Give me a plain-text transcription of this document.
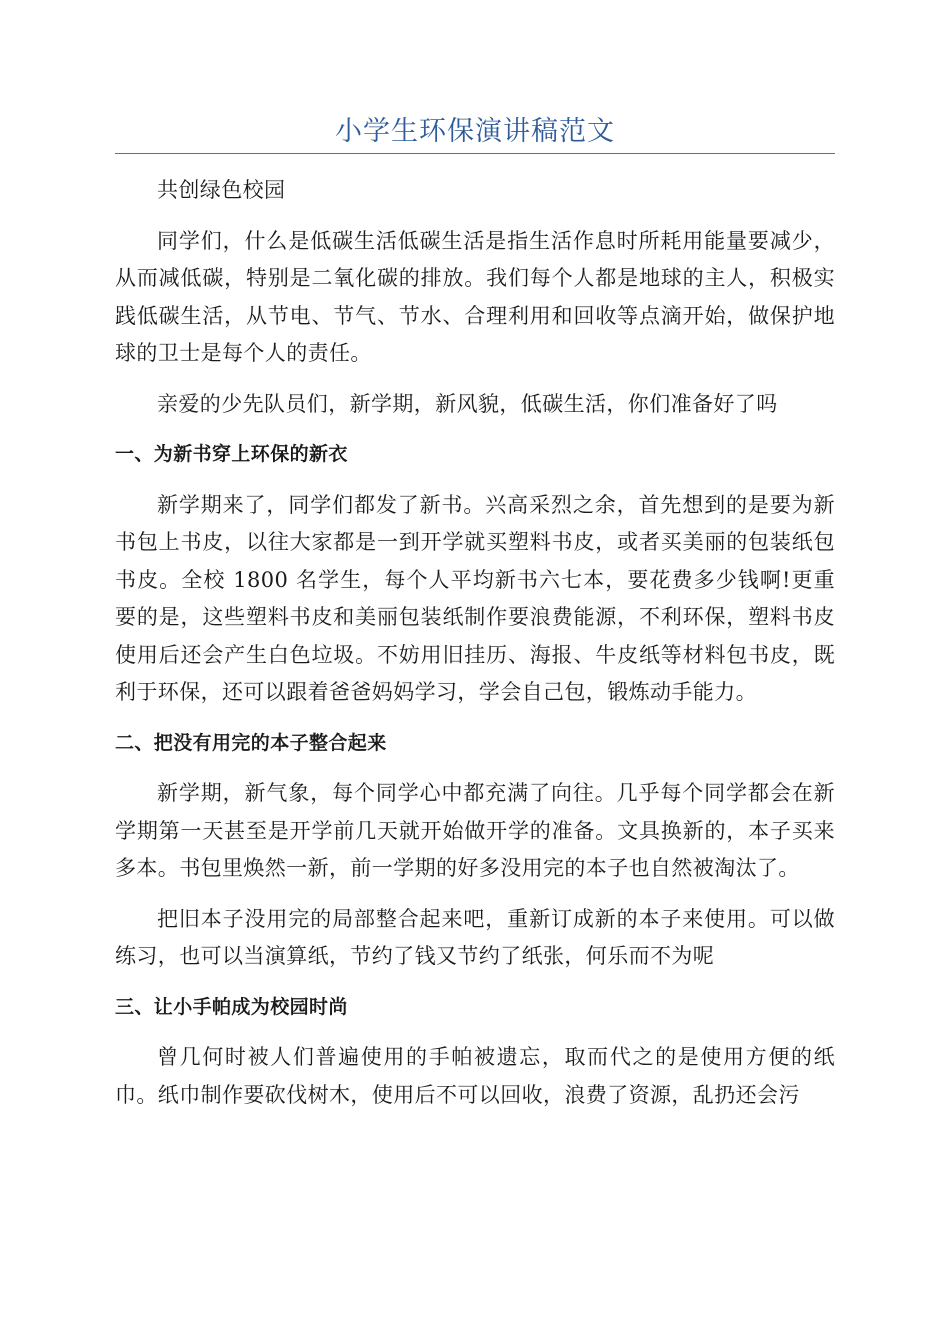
小学生环保演讲稿范文

共创绿色校园

同学们，什么是低碳生活低碳生活是指生活作息时所耗用能量要减少，从而减低碳，特别是二氧化碳的排放。我们每个人都是地球的主人，积极实践低碳生活，从节电、节气、节水、合理利用和回收等点滴开始，做保护地球的卫士是每个人的责任。

亲爱的少先队员们，新学期，新风貌，低碳生活，你们准备好了吗

一、为新书穿上环保的新衣

新学期来了，同学们都发了新书。兴高采烈之余，首先想到的是要为新书包上书皮，以往大家都是一到开学就买塑料书皮，或者买美丽的包装纸包书皮。全校 1800 名学生，每个人平均新书六七本，要花费多少钱啊!更重要的是，这些塑料书皮和美丽包装纸制作要浪费能源，不利环保，塑料书皮使用后还会产生白色垃圾。不妨用旧挂历、海报、牛皮纸等材料包书皮，既利于环保，还可以跟着爸爸妈妈学习，学会自己包，锻炼动手能力。

二、把没有用完的本子整合起来

新学期，新气象，每个同学心中都充满了向往。几乎每个同学都会在新学期第一天甚至是开学前几天就开始做开学的准备。文具换新的，本子买来多本。书包里焕然一新，前一学期的好多没用完的本子也自然被淘汰了。

把旧本子没用完的局部整合起来吧，重新订成新的本子来使用。可以做练习，也可以当演算纸，节约了钱又节约了纸张，何乐而不为呢

三、让小手帕成为校园时尚

曾几何时被人们普遍使用的手帕被遗忘，取而代之的是使用方便的纸巾。纸巾制作要砍伐树木，使用后不可以回收，浪费了资源，乱扔还会污
